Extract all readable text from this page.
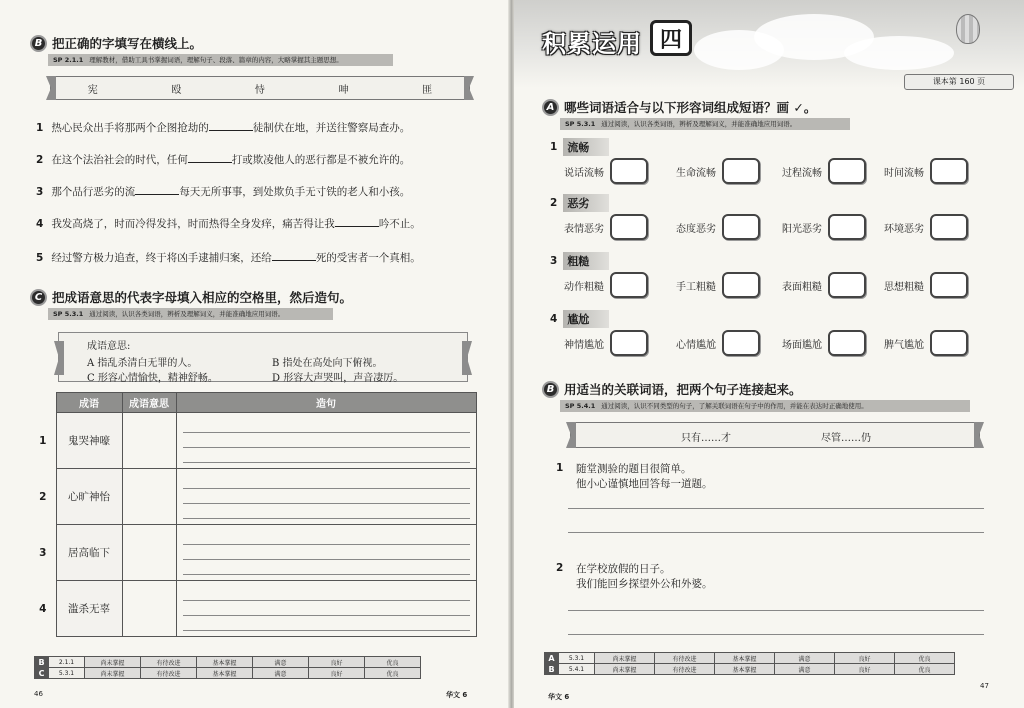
B 把正确的字填写在横线上。
SP 2.1.1 理解教材，借助工具书掌握词语，理解句子、段落、篇章的内容，大略掌握其主题思想。
宪	殴	恃	呻	匪
1 热心民众出手将那两个企图抢劫的	徒制伏在地，并送往警察局查办。
2 在这个法治社会的时代，任何	打或欺凌他人的恶行都是不被允许的。
3 那个品行恶劣的流	每天无所事事，到处欺负手无寸铁的老人和小孩。
4 我发高烧了，时而冷得发抖，时而热得全身发痒，痛苦得让我	吟不止。
5 经过警方极力追查，终于将凶手逮捕归案，还给	死的受害者一个真相。
C 把成语意思的代表字母填入相应的空格里，然后造句。
SP 5.3.1 通过阅读，认识各类词语，辨析及理解词义，并能准确地应用词语。
成语意思:
A 指乱杀清白无罪的人。	B 指处在高处向下俯视。
C 形容心情愉快，精神舒畅。	D 形容大声哭叫，声音凄厉。
	成语	成语意思	造句
1	鬼哭神嚎		

2	心旷神怡		

3	居高临下		

4	滥杀无辜		
B	2.1.1	尚未掌握	有待改进	基本掌握	满意	良好	优良
C	5.3.1	尚未掌握	有待改进	基本掌握	满意	良好	优良
46	华文 6
积累运用 四
课本第 160 页
A 哪些词语适合与以下形容词组成短语？画 ✓。
SP 5.3.1 通过阅读，认识各类词语，辨析及理解词义，并能准确地应用词语。
1 流畅
说话流畅	生命流畅	过程流畅	时间流畅
2 恶劣
表情恶劣	态度恶劣	阳光恶劣	环境恶劣
3 粗糙
动作粗糙	手工粗糙	表面粗糙	思想粗糙
4 尴尬
神情尴尬	心情尴尬	场面尴尬	脾气尴尬
B 用适当的关联词语，把两个句子连接起来。
SP 5.4.1 通过阅读，认识不同类型的句子，了解关联词语在句子中的作用，并能在表达时正确地使用。
只有……才	尽管……仍
1 随堂测验的题目很简单。
他小心谨慎地回答每一道题。
2 在学校放假的日子。
我们能回乡探望外公和外婆。
A	5.3.1	尚未掌握	有待改进	基本掌握	满意	良好	优良
B	5.4.1	尚未掌握	有待改进	基本掌握	满意	良好	优良
华文 6
47
